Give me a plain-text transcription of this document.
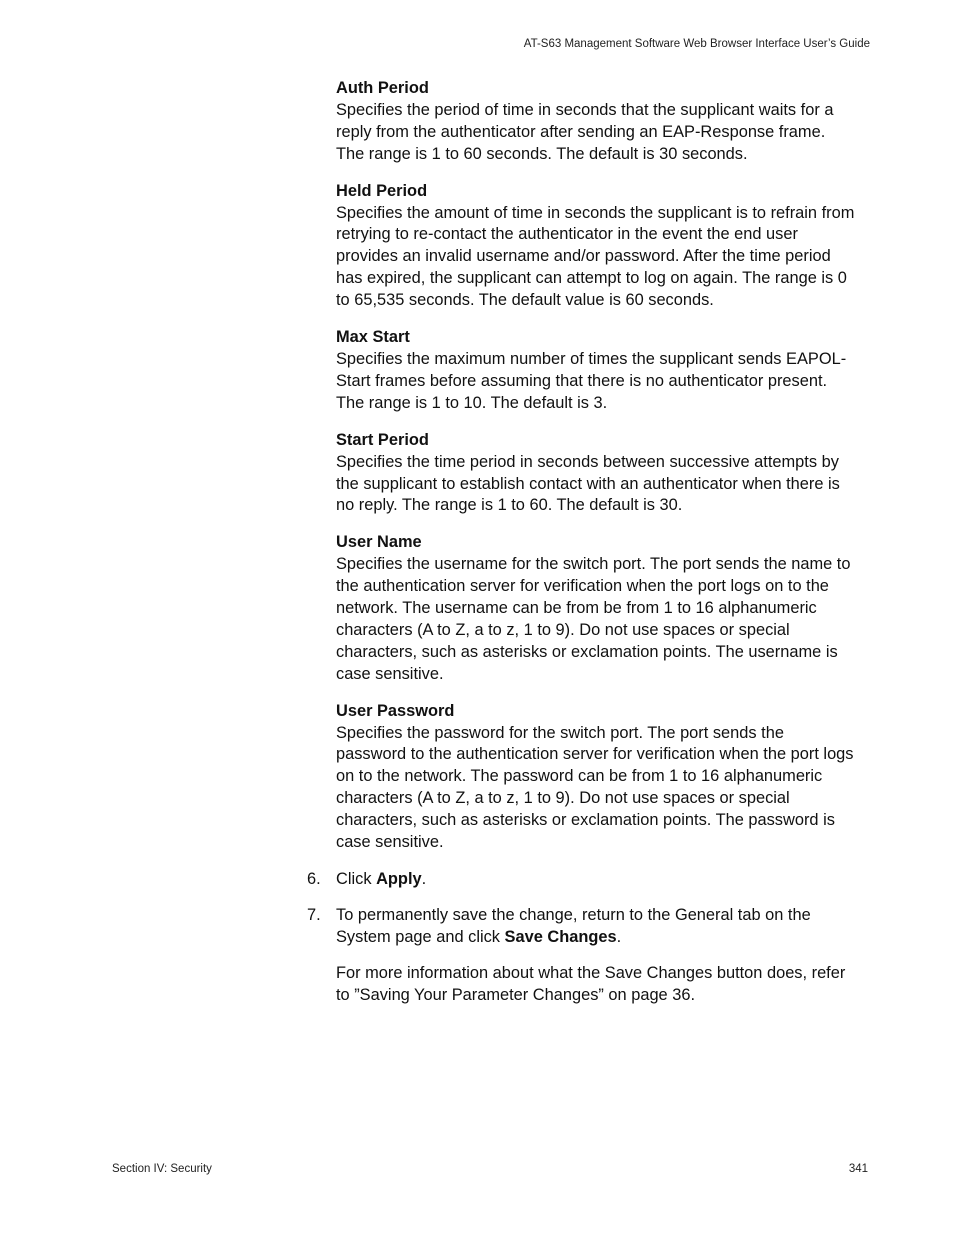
AT-S63 Management Software Web Browser Interface User’s Guide
Auth Period

Specifies the period of time in seconds that the supplicant waits for a reply from the authenticator after sending an EAP-Response frame. The range is 1 to 60 seconds. The default is 30 seconds.

Held Period

Specifies the amount of time in seconds the supplicant is to refrain from retrying to re-contact the authenticator in the event the end user provides an invalid username and/or password. After the time period has expired, the supplicant can attempt to log on again. The range is 0 to 65,535 seconds. The default value is 60 seconds.

Max Start

Specifies the maximum number of times the supplicant sends EAPOL-Start frames before assuming that there is no authenticator present. The range is 1 to 10. The default is 3.

Start Period

Specifies the time period in seconds between successive attempts by the supplicant to establish contact with an authenticator when there is no reply. The range is 1 to 60. The default is 30.

User Name

Specifies the username for the switch port. The port sends the name to the authentication server for verification when the port logs on to the network. The username can be from be from 1 to 16 alphanumeric characters (A to Z, a to z, 1 to 9). Do not use spaces or special characters, such as asterisks or exclamation points. The username is case sensitive.

User Password

Specifies the password for the switch port. The port sends the password to the authentication server for verification when the port logs on to the network. The password can be from 1 to 16 alphanumeric characters (A to Z, a to z, 1 to 9). Do not use spaces or special characters, such as asterisks or exclamation points. The password is case sensitive.

6. Click Apply.
7. To permanently save the change, return to the General tab on the System page and click Save Changes.

For more information about what the Save Changes button does, refer to ”Saving Your Parameter Changes” on page 36.

Section IV: Security	341
